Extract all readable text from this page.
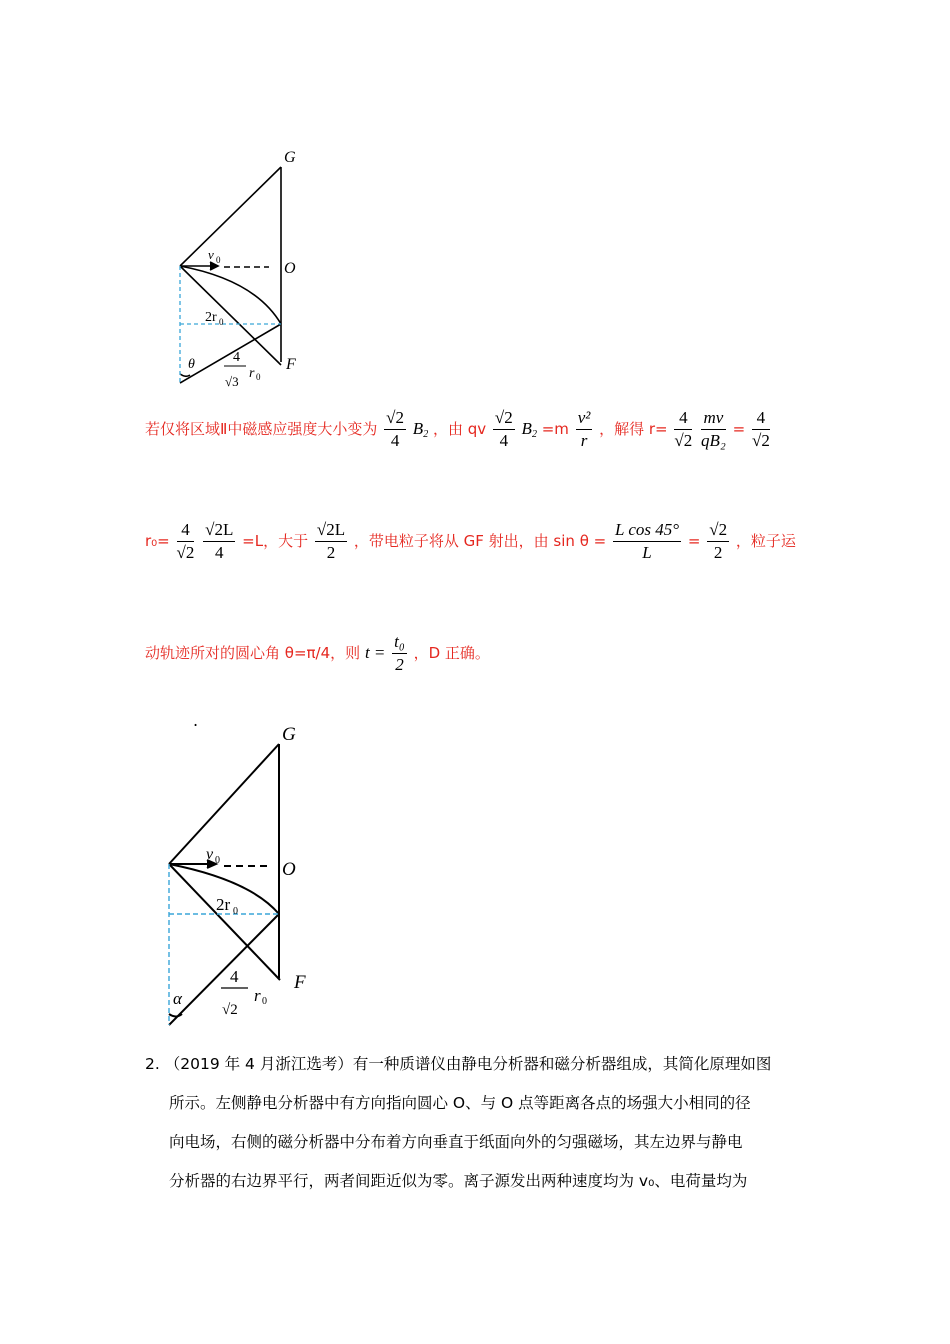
G
O
F
v 0
2r 0
θ	4
√3
r 0
若仅将区域Ⅱ中磁感应强度大小变为 $\frac{√2}{4} B_2$ ，由 qv $\frac{√2}{4} B_2 =m \frac{\text{v²}}{r}$ ，解得 $r= \frac{4}{√2}$
$\frac{mv}{\text{qB₂}} = \frac{4}{√2}$
$r_0= \frac{4}{√2}$
$\frac{√2L}{4} =L$，大于 $\frac{√2L}{2}$ ，带电粒子将从 GF 射出，由 $\sin \theta = \frac{\text{L cos 45°}}{L} = \frac{√2}{2}$ ，粒子运
动轨迹所对的圆心角 θ=π/4，则 $t = \frac{\text{t₀}}{2}$ ，D 正确。
.
G
O
F
v 0
2r 0
α
4
√2
r 0
2. （2019 年 4 月浙江选考）有一种质谱仪由静电分析器和磁分析器组成，其简化原理如图
所示。左侧静电分析器中有方向指向圆心 O、与 O 点等距离各点的场强大小相同的径
向电场，右侧的磁分析器中分布着方向垂直于纸面向外的匀强磁场，其左边界与静电
分析器的右边界平行，两者间距近似为零。离子源发出两种速度均为 v₀、电荷量均为
